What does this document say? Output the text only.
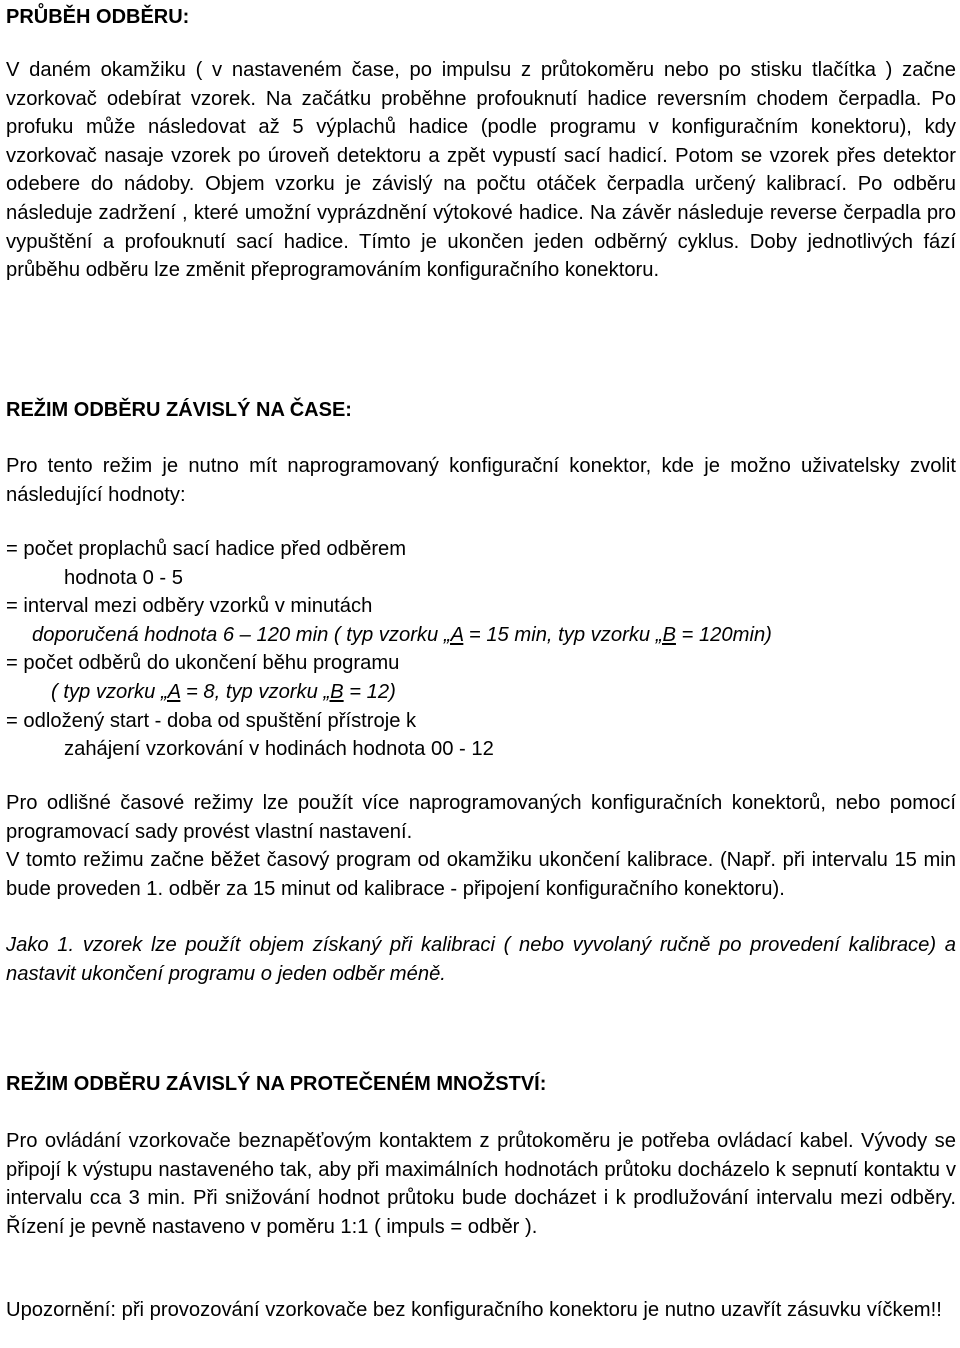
PRŮBĚH ODBĚRU:

V daném okamžiku ( v nastaveném čase, po impulsu z průtokoměru nebo po stisku tlačítka ) začne vzorkovač odebírat vzorek. Na začátku proběhne profouknutí hadice reversním chodem čerpadla. Po profuku může následovat až 5 výplachů hadice (podle programu v konfiguračním konektoru), kdy vzorkovač nasaje vzorek po úroveň detektoru a zpět vypustí sací hadicí. Potom se vzorek přes detektor odebere do nádoby. Objem vzorku je závislý na počtu otáček čerpadla určený kalibrací. Po odběru následuje zadržení , které umožní vyprázdnění výtokové hadice. Na závěr následuje reverse čerpadla pro vypuštění a profouknutí sací hadice. Tímto je ukončen jeden odběrný cyklus. Doby jednotlivých fází průběhu odběru lze změnit přeprogramováním konfiguračního konektoru.

REŽIM ODBĚRU ZÁVISLÝ NA ČASE:

Pro tento režim je nutno mít naprogramovaný konfigurační konektor, kde je možno uživatelsky zvolit následující hodnoty:

= počet proplachů sací hadice před odběrem
hodnota 0 - 5
= interval mezi odběry vzorků v minutách
doporučená hodnota 6 – 120 min ( typ vzorku „A = 15 min, typ vzorku „B = 120min)
= počet odběrů do ukončení běhu programu
( typ vzorku „A = 8, typ vzorku „B = 12)
= odložený start - doba od spuštění přístroje k
zahájení vzorkování v hodinách hodnota 00 - 12

Pro odlišné časové režimy lze použít více naprogramovaných konfiguračních konektorů, nebo pomocí programovací sady provést vlastní nastavení.

V tomto režimu začne běžet časový program od okamžiku ukončení kalibrace. (Např. při intervalu 15 min bude proveden 1. odběr za 15 minut od kalibrace - připojení konfiguračního konektoru).

Jako 1. vzorek lze použít objem získaný při kalibraci ( nebo vyvolaný ručně po provedení kalibrace) a nastavit ukončení programu o jeden odběr méně.

REŽIM ODBĚRU ZÁVISLÝ NA PROTEČENÉM MNOŽSTVÍ:

Pro ovládání vzorkovače beznapěťovým kontaktem z průtokoměru je potřeba ovládací kabel. Vývody se připojí k výstupu nastaveného tak, aby při maximálních hodnotách průtoku docházelo k sepnutí kontaktu v intervalu cca 3 min. Při snižování hodnot průtoku bude docházet i k prodlužování intervalu mezi odběry. Řízení je pevně nastaveno v poměru 1:1 ( impuls = odběr ).

Upozornění: při provozování vzorkovače bez konfiguračního konektoru je nutno uzavřít zásuvku víčkem!!
